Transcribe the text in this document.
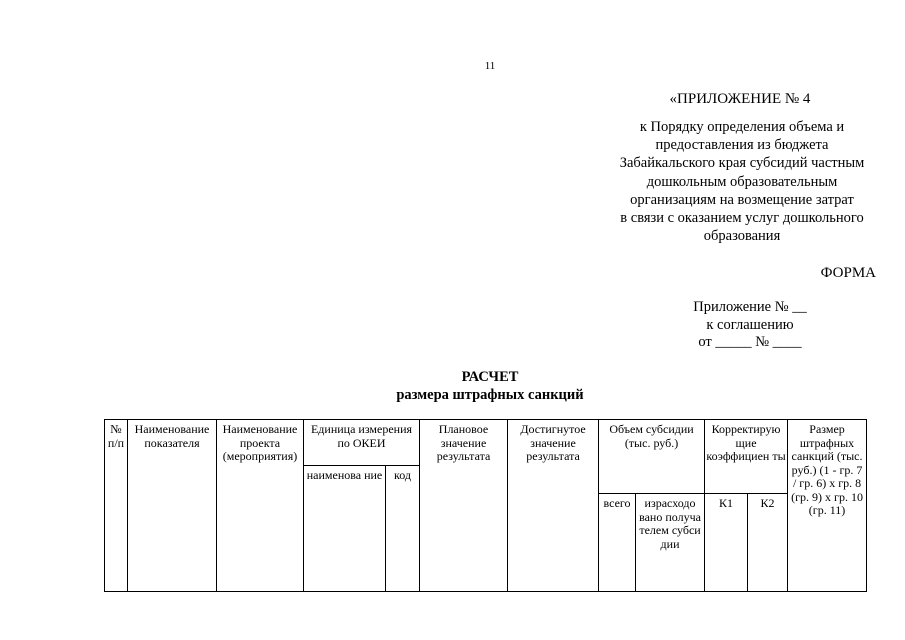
11
«ПРИЛОЖЕНИЕ № 4
к Порядку определения объема и
предоставления из бюджета
Забайкальского края субсидий частным
дошкольным образовательным
организациям на возмещение затрат
в связи с оказанием услуг дошкольного
образования
ФОРМА
Приложение № __
к соглашению
от _____ № ____
РАСЧЕТ
размера штрафных санкций
№ п/п	Наименование показателя	Наименование проекта (мероприятия)	Единица измерения по ОКЕИ		Плановое значение результата	Достигнутое значение результата	Объем субсидии (тыс. руб.)		Корректирую щие коэффициен ты		Размер штрафных санкций (тыс. руб.) (1 - гр. 7 / гр. 6) x гр. 8 (гр. 9) x гр. 10 (гр. 11)
			наименова ние	код							
							всего	израсходо вано получа телем субси дии	К1	К2	
